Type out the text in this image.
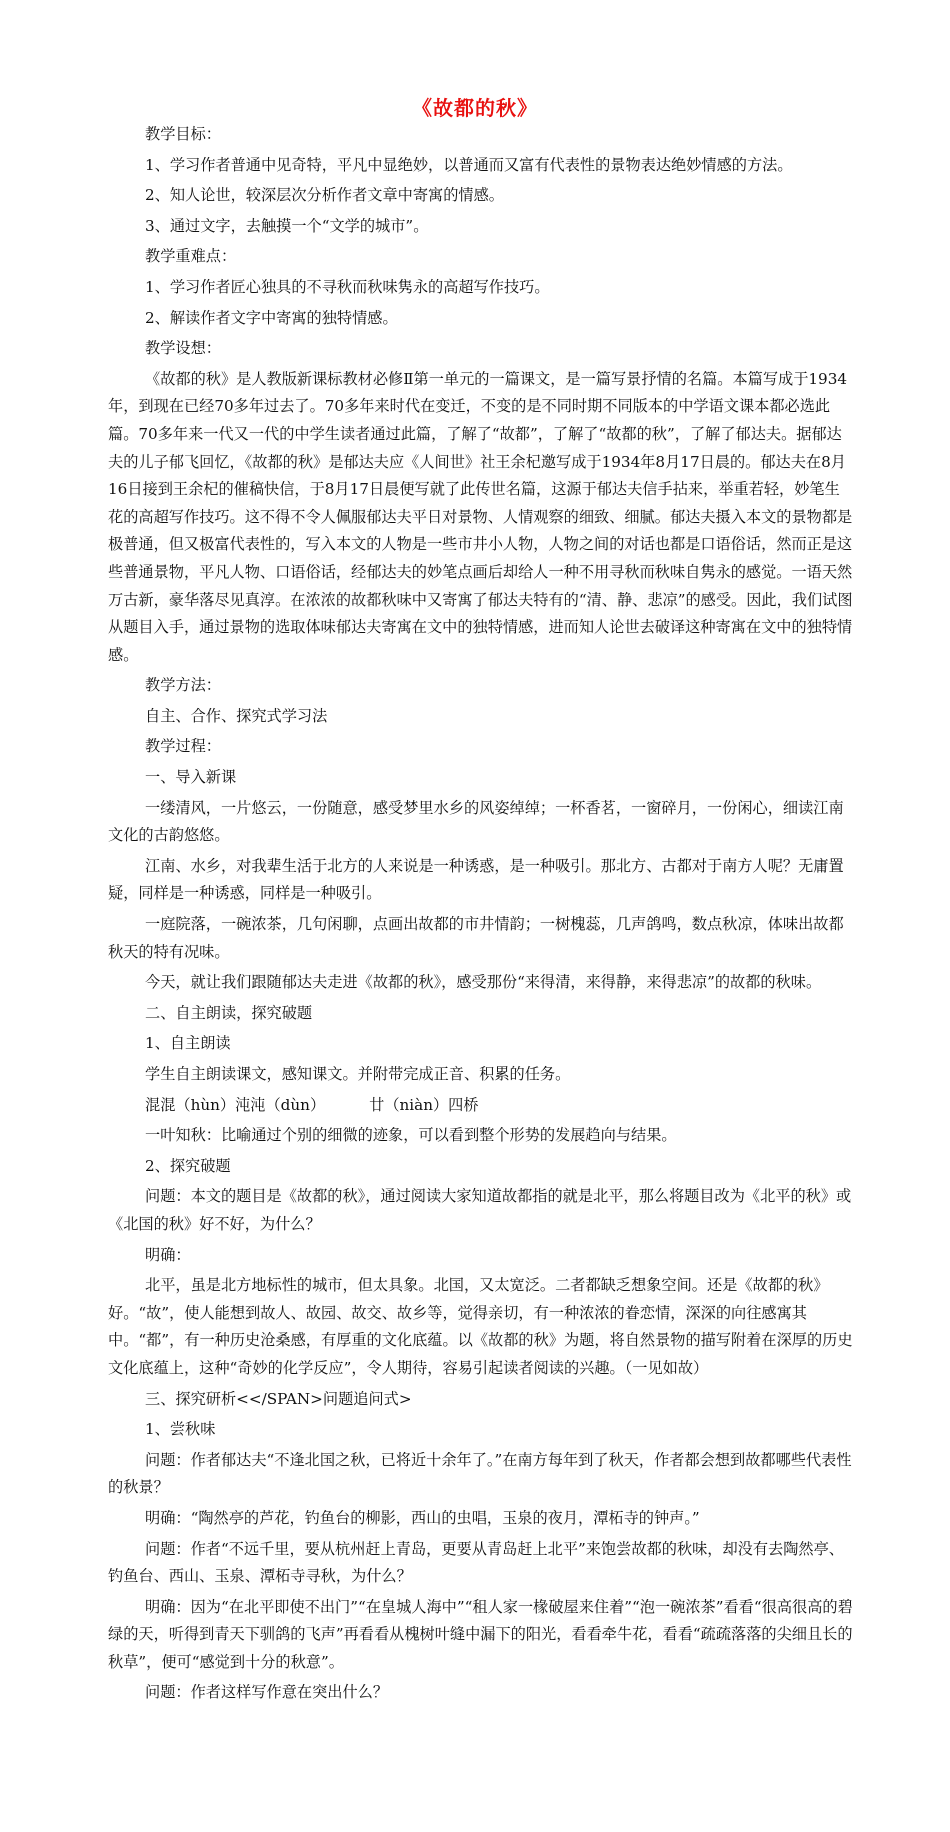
《故都的秋》

教学目标：

1、学习作者普通中见奇特，平凡中显绝妙，以普通而又富有代表性的景物表达绝妙情感的方法。

2、知人论世，较深层次分析作者文章中寄寓的情感。

3、通过文字，去触摸一个“文学的城市”。

教学重难点：

1、学习作者匠心独具的不寻秋而秋味隽永的高超写作技巧。

2、解读作者文字中寄寓的独特情感。

教学设想：

《故都的秋》是人教版新课标教材必修Ⅱ第一单元的一篇课文，是一篇写景抒情的名篇。本篇写成于1934年，到现在已经70多年过去了。70多年来时代在变迁，不变的是不同时期不同版本的中学语文课本都必选此篇。70多年来一代又一代的中学生读者通过此篇，了解了“故都”，了解了“故都的秋”，了解了郁达夫。据郁达夫的儿子郁飞回忆，《故都的秋》是郁达夫应《人间世》社王余杞邀写成于1934年8月17日晨的。郁达夫在8月16日接到王余杞的催稿快信，于8月17日晨便写就了此传世名篇，这源于郁达夫信手拈来，举重若轻，妙笔生花的高超写作技巧。这不得不令人佩服郁达夫平日对景物、人情观察的细致、细腻。郁达夫摄入本文的景物都是极普通，但又极富代表性的，写入本文的人物是一些市井小人物，人物之间的对话也都是口语俗话，然而正是这些普通景物，平凡人物、口语俗话，经郁达夫的妙笔点画后却给人一种不用寻秋而秋味自隽永的感觉。一语天然万古新，豪华落尽见真淳。在浓浓的故都秋味中又寄寓了郁达夫特有的“清、静、悲凉”的感受。因此，我们试图从题目入手，通过景物的选取体味郁达夫寄寓在文中的独特情感，进而知人论世去破译这种寄寓在文中的独特情感。

教学方法：

自主、合作、探究式学习法

教学过程：

一、导入新课

一缕清风，一片悠云，一份随意，感受梦里水乡的风姿绰绰；一杯香茗，一窗碎月，一份闲心，细读江南文化的古韵悠悠。

江南、水乡，对我辈生活于北方的人来说是一种诱惑，是一种吸引。那北方、古都对于南方人呢？无庸置疑，同样是一种诱惑，同样是一种吸引。

一庭院落，一碗浓茶，几句闲聊，点画出故都的市井情韵；一树槐蕊，几声鸽鸣，数点秋凉，体味出故都秋天的特有况味。

今天，就让我们跟随郁达夫走进《故都的秋》，感受那份“来得清，来得静，来得悲凉”的故都的秋味。

二、自主朗读，探究破题

1、自主朗读

学生自主朗读课文，感知课文。并附带完成正音、积累的任务。

混混（hùn）沌沌（dùn）	廿（niàn）四桥

一叶知秋：比喻通过个别的细微的迹象，可以看到整个形势的发展趋向与结果。

2、探究破题

问题：本文的题目是《故都的秋》，通过阅读大家知道故都指的就是北平，那么将题目改为《北平的秋》或《北国的秋》好不好，为什么？

明确：

北平，虽是北方地标性的城市，但太具象。北国，又太宽泛。二者都缺乏想象空间。还是《故都的秋》好。“故”，使人能想到故人、故园、故交、故乡等，觉得亲切，有一种浓浓的眷恋情，深深的向往感寓其中。“都”，有一种历史沧桑感，有厚重的文化底蕴。以《故都的秋》为题，将自然景物的描写附着在深厚的历史文化底蕴上，这种“奇妙的化学反应”，令人期待，容易引起读者阅读的兴趣。（一见如故）

三、探究研析<</SPAN>问题追问式>

1、尝秋味

问题：作者郁达夫“不逢北国之秋，已将近十余年了。”在南方每年到了秋天，作者都会想到故都哪些代表性的秋景？

明确：“陶然亭的芦花，钓鱼台的柳影，西山的虫唱，玉泉的夜月，潭柘寺的钟声。”

问题：作者“不远千里，要从杭州赶上青岛，更要从青岛赶上北平”来饱尝故都的秋味，却没有去陶然亭、钓鱼台、西山、玉泉、潭柘寺寻秋，为什么？

明确：因为“在北平即使不出门”“在皇城人海中”“租人家一椽破屋来住着”“泡一碗浓茶”看看“很高很高的碧绿的天，听得到青天下驯鸽的飞声”再看看从槐树叶缝中漏下的阳光，看看牵牛花，看看“疏疏落落的尖细且长的秋草”，便可“感觉到十分的秋意”。

问题：作者这样写作意在突出什么？
